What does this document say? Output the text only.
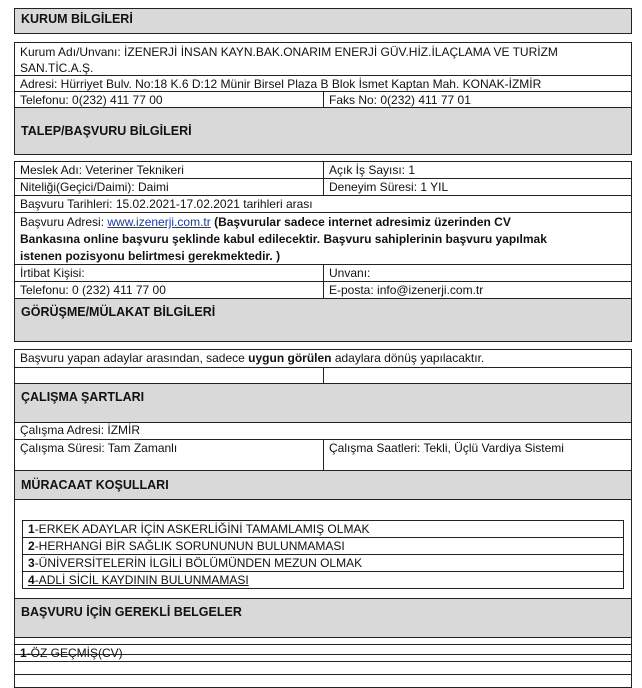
KURUM BİLGİLERİ
Kurum Adı/Unvanı: İZENERJİ İNSAN KAYN.BAK.ONARIM ENERJİ GÜV.HİZ.İLAÇLAMA VE TURİZM
SAN.TİC.A.Ş.
Adresi: Hürriyet Bulv. No:18 K.6 D:12 Münir Birsel Plaza B Blok İsmet Kaptan Mah. KONAK-İZMİR
Telefonu: 0(232) 411 77 00	Faks No: 0(232) 411 77 01
TALEP/BAŞVURU BİLGİLERİ
Meslek Adı: Veteriner Teknikeri	Açık İş Sayısı: 1
Niteliği(Geçici/Daimi): Daimi	Deneyim Süresi: 1 YIL
Başvuru Tarihleri: 15.02.2021-17.02.2021 tarihleri arası
Başvuru Adresi: www.izenerji.com.tr (Başvurular sadece internet adresimiz üzerinden CV
Bankasına online başvuru şeklinde kabul edilecektir. Başvuru sahiplerinin başvuru yapılmak
istenen pozisyonu belirtmesi gerekmektedir. )
İrtibat Kişisi:	Unvanı:
Telefonu: 0 (232) 411 77 00	E-posta: info@izenerji.com.tr
GÖRÜŞME/MÜLAKAT BİLGİLERİ
Başvuru yapan adaylar arasından, sadece uygun görülen adaylara dönüş yapılacaktır.
ÇALIŞMA ŞARTLARI
Çalışma Adresi: İZMİR
Çalışma Süresi: Tam Zamanlı	Çalışma Saatleri: Tekli, Üçlü Vardiya Sistemi
MÜRACAAT KOŞULLARI
1-ERKEK ADAYLAR İÇİN ASKERLİĞİNİ TAMAMLAMIŞ OLMAK
2-HERHANGİ BİR SAĞLIK SORUNUNUN BULUNMAMASI
3-ÜNİVERSİTELERİN İLGİLİ BÖLÜMÜNDEN MEZUN OLMAK
4-ADLİ SİCİL KAYDININ BULUNMAMASI
BAŞVURU İÇİN GEREKLİ BELGELER
1-ÖZ GEÇMİŞ(CV)
